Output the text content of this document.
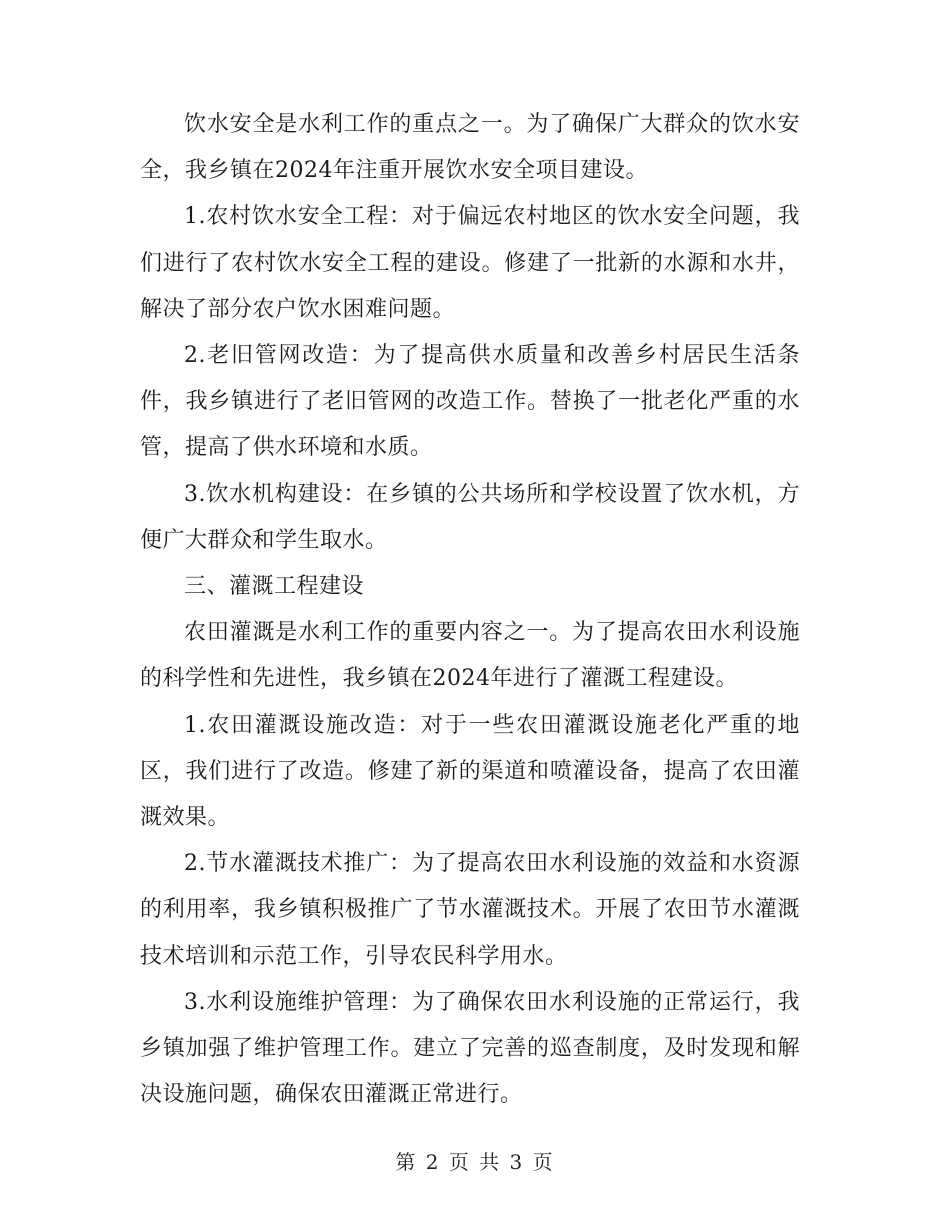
饮水安全是水利工作的重点之一。为了确保广大群众的饮水安全，我乡镇在2024年注重开展饮水安全项目建设。

1.农村饮水安全工程：对于偏远农村地区的饮水安全问题，我们进行了农村饮水安全工程的建设。修建了一批新的水源和水井，解决了部分农户饮水困难问题。

2.老旧管网改造：为了提高供水质量和改善乡村居民生活条件，我乡镇进行了老旧管网的改造工作。替换了一批老化严重的水管，提高了供水环境和水质。

3.饮水机构建设：在乡镇的公共场所和学校设置了饮水机，方便广大群众和学生取水。

三、灌溉工程建设

农田灌溉是水利工作的重要内容之一。为了提高农田水利设施的科学性和先进性，我乡镇在2024年进行了灌溉工程建设。

1.农田灌溉设施改造：对于一些农田灌溉设施老化严重的地区，我们进行了改造。修建了新的渠道和喷灌设备，提高了农田灌溉效果。

2.节水灌溉技术推广：为了提高农田水利设施的效益和水资源的利用率，我乡镇积极推广了节水灌溉技术。开展了农田节水灌溉技术培训和示范工作，引导农民科学用水。

3.水利设施维护管理：为了确保农田水利设施的正常运行，我乡镇加强了维护管理工作。建立了完善的巡查制度，及时发现和解决设施问题，确保农田灌溉正常进行。

第 2 页 共 3 页
